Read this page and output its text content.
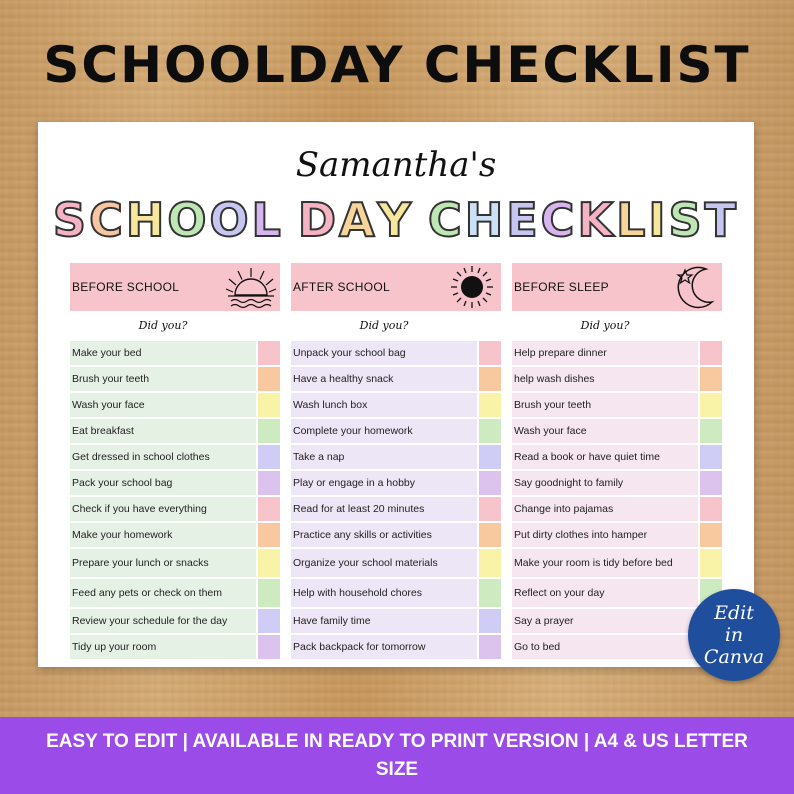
SCHOOLDAY CHECKLIST
Samantha's
SCHOOL DAY CHECKLIST
BEFORE SCHOOL
Did you?
Make your bed
Brush your teeth
Wash your face
Eat breakfast
Get dressed in school clothes
Pack your school bag
Check if you have everything
Make your homework
Prepare your lunch or snacks
Feed any pets or check on them
Review your schedule for the day
Tidy up your room
AFTER SCHOOL
Did you?
Unpack your school bag
Have a healthy snack
Wash lunch box
Complete your homework
Take a nap
Play or engage in a hobby
Read for at least 20 minutes
Practice any skills or activities
Organize your school materials
Help with household chores
Have family time
Pack backpack for tomorrow
BEFORE SLEEP
Did you?
Help prepare dinner
help wash dishes
Brush your teeth
Wash your face
Read a book or have quiet time
Say goodnight to family
Change into pajamas
Put dirty clothes into hamper
Make your room is tidy before bed
Reflect on your day
Say a prayer
Go to bed
Edit
in
Canva
EASY TO EDIT | AVAILABLE IN READY TO PRINT VERSION | A4 & US LETTER SIZE
